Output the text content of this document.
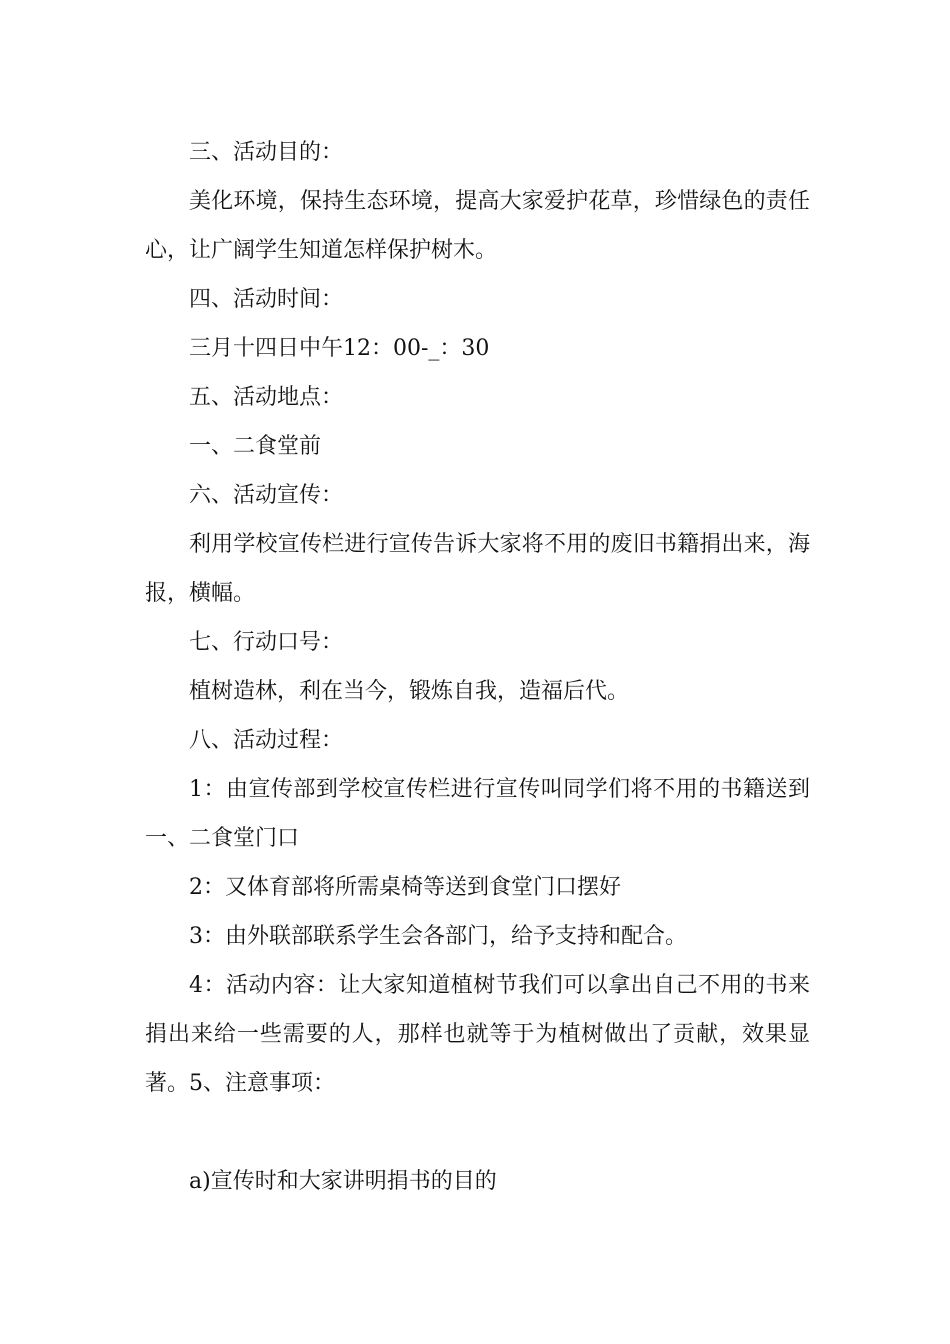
三、活动目的：

美化环境，保持生态环境，提高大家爱护花草，珍惜绿色的责任心，让广阔学生知道怎样保护树木。

四、活动时间：

三月十四日中午12：00-_：30

五、活动地点：

一、二食堂前

六、活动宣传：

利用学校宣传栏进行宣传告诉大家将不用的废旧书籍捐出来，海报，横幅。

七、行动口号：

植树造林，利在当今，锻炼自我，造福后代。

八、活动过程：

1：由宣传部到学校宣传栏进行宣传叫同学们将不用的书籍送到一、二食堂门口

2：又体育部将所需桌椅等送到食堂门口摆好

3：由外联部联系学生会各部门，给予支持和配合。

4：活动内容：让大家知道植树节我们可以拿出自己不用的书来捐出来给一些需要的人，那样也就等于为植树做出了贡献，效果显著。 5、注意事项：

a)宣传时和大家讲明捐书的目的
